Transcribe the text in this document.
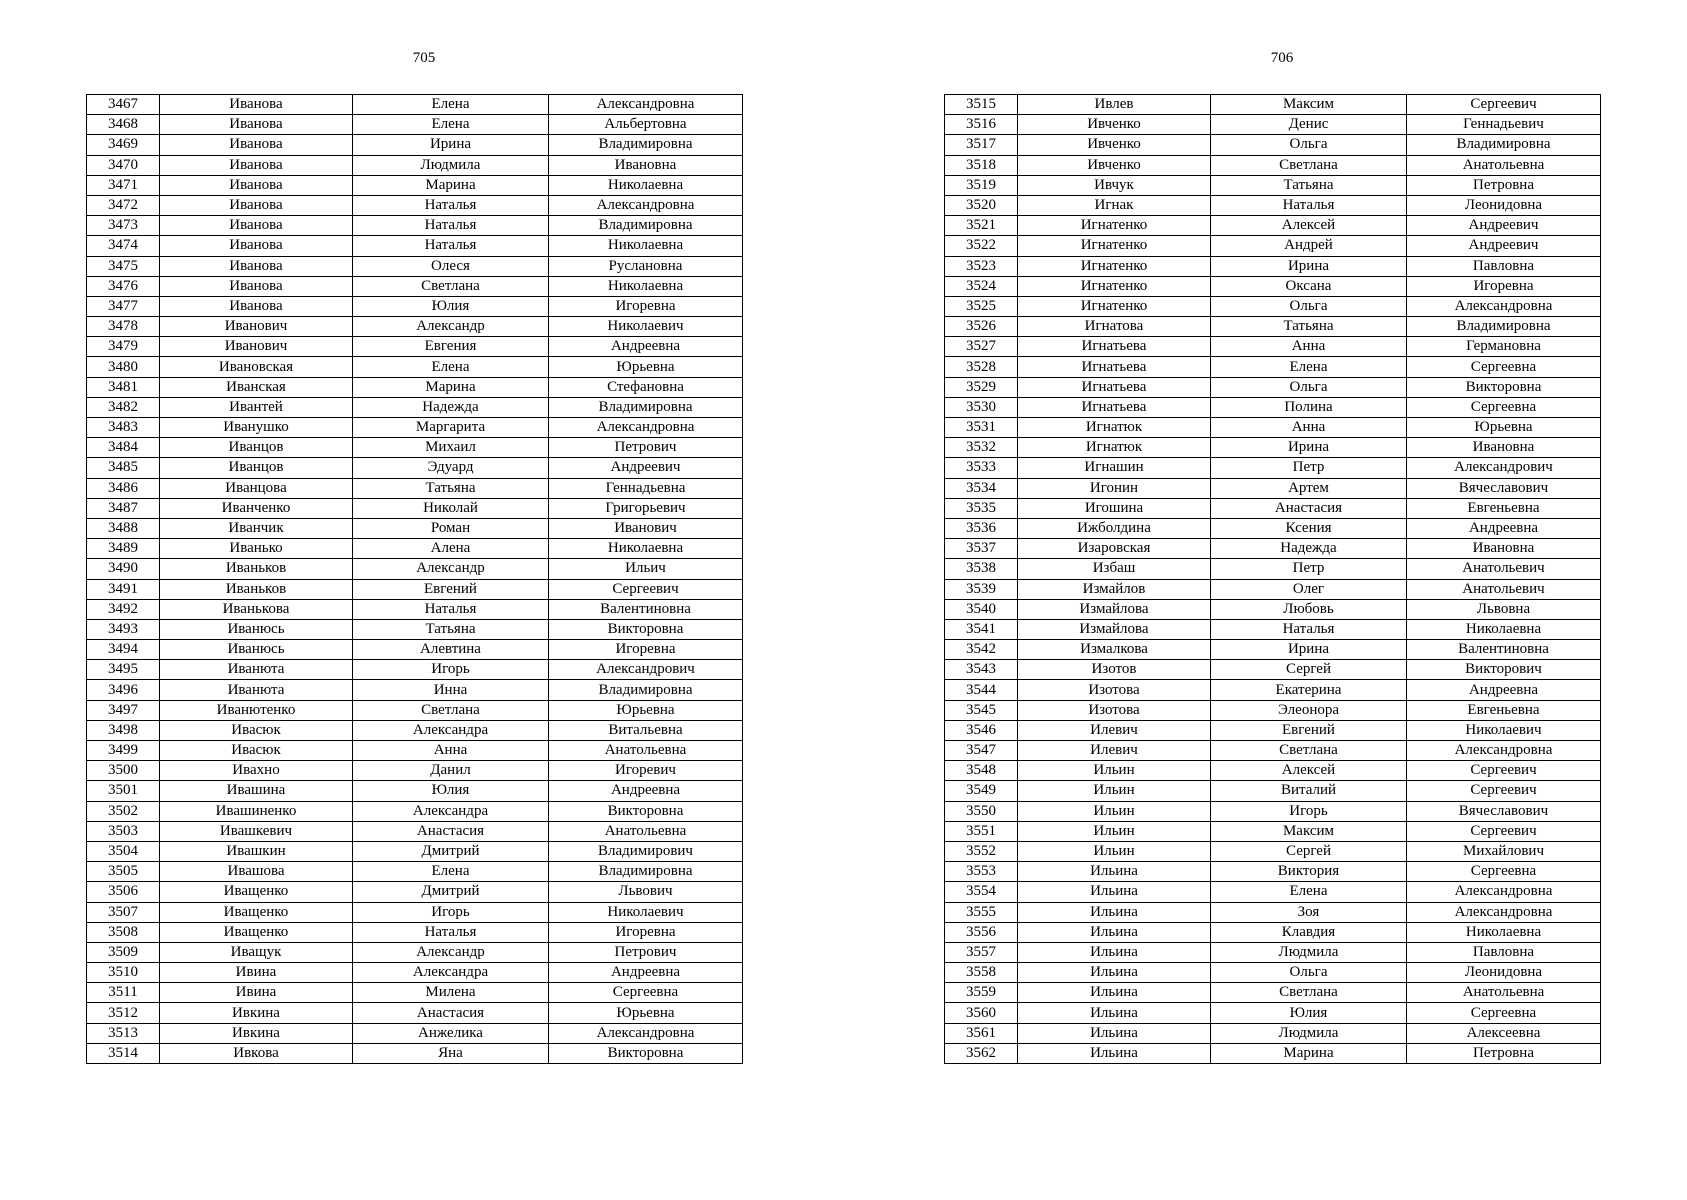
705	706
3467	Иванова	Елена	Александровна
3468	Иванова	Елена	Альбертовна
3469	Иванова	Ирина	Владимировна
3470	Иванова	Людмила	Ивановна
3471	Иванова	Марина	Николаевна
3472	Иванова	Наталья	Александровна
3473	Иванова	Наталья	Владимировна
3474	Иванова	Наталья	Николаевна
3475	Иванова	Олеся	Руслановна
3476	Иванова	Светлана	Николаевна
3477	Иванова	Юлия	Игоревна
3478	Иванович	Александр	Николаевич
3479	Иванович	Евгения	Андреевна
3480	Ивановская	Елена	Юрьевна
3481	Иванская	Марина	Стефановна
3482	Ивантей	Надежда	Владимировна
3483	Иванушко	Маргарита	Александровна
3484	Иванцов	Михаил	Петрович
3485	Иванцов	Эдуард	Андреевич
3486	Иванцова	Татьяна	Геннадьевна
3487	Иванченко	Николай	Григорьевич
3488	Иванчик	Роман	Иванович
3489	Иванько	Алена	Николаевна
3490	Иваньков	Александр	Ильич
3491	Иваньков	Евгений	Сергеевич
3492	Иванькова	Наталья	Валентиновна
3493	Иванюсь	Татьяна	Викторовна
3494	Иванюсь	Алевтина	Игоревна
3495	Иванюта	Игорь	Александрович
3496	Иванюта	Инна	Владимировна
3497	Иванютенко	Светлана	Юрьевна
3498	Ивасюк	Александра	Витальевна
3499	Ивасюк	Анна	Анатольевна
3500	Ивахно	Данил	Игоревич
3501	Ивашина	Юлия	Андреевна
3502	Ивашиненко	Александра	Викторовна
3503	Ивашкевич	Анастасия	Анатольевна
3504	Ивашкин	Дмитрий	Владимирович
3505	Ивашова	Елена	Владимировна
3506	Иващенко	Дмитрий	Львович
3507	Иващенко	Игорь	Николаевич
3508	Иващенко	Наталья	Игоревна
3509	Иващук	Александр	Петрович
3510	Ивина	Александра	Андреевна
3511	Ивина	Милена	Сергеевна
3512	Ивкина	Анастасия	Юрьевна
3513	Ивкина	Анжелика	Александровна
3514	Ивкова	Яна	Викторовна
3515	Ивлев	Максим	Сергеевич
3516	Ивченко	Денис	Геннадьевич
3517	Ивченко	Ольга	Владимировна
3518	Ивченко	Светлана	Анатольевна
3519	Ивчук	Татьяна	Петровна
3520	Игнак	Наталья	Леонидовна
3521	Игнатенко	Алексей	Андреевич
3522	Игнатенко	Андрей	Андреевич
3523	Игнатенко	Ирина	Павловна
3524	Игнатенко	Оксана	Игоревна
3525	Игнатенко	Ольга	Александровна
3526	Игнатова	Татьяна	Владимировна
3527	Игнатьева	Анна	Германовна
3528	Игнатьева	Елена	Сергеевна
3529	Игнатьева	Ольга	Викторовна
3530	Игнатьева	Полина	Сергеевна
3531	Игнатюк	Анна	Юрьевна
3532	Игнатюк	Ирина	Ивановна
3533	Игнашин	Петр	Александрович
3534	Игонин	Артем	Вячеславович
3535	Игошина	Анастасия	Евгеньевна
3536	Ижболдина	Ксения	Андреевна
3537	Изаровская	Надежда	Ивановна
3538	Избаш	Петр	Анатольевич
3539	Измайлов	Олег	Анатольевич
3540	Измайлова	Любовь	Львовна
3541	Измайлова	Наталья	Николаевна
3542	Измалкова	Ирина	Валентиновна
3543	Изотов	Сергей	Викторович
3544	Изотова	Екатерина	Андреевна
3545	Изотова	Элеонора	Евгеньевна
3546	Илевич	Евгений	Николаевич
3547	Илевич	Светлана	Александровна
3548	Ильин	Алексей	Сергеевич
3549	Ильин	Виталий	Сергеевич
3550	Ильин	Игорь	Вячеславович
3551	Ильин	Максим	Сергеевич
3552	Ильин	Сергей	Михайлович
3553	Ильина	Виктория	Сергеевна
3554	Ильина	Елена	Александровна
3555	Ильина	Зоя	Александровна
3556	Ильина	Клавдия	Николаевна
3557	Ильина	Людмила	Павловна
3558	Ильина	Ольга	Леонидовна
3559	Ильина	Светлана	Анатольевна
3560	Ильина	Юлия	Сергеевна
3561	Ильина	Людмила	Алексеевна
3562	Ильина	Марина	Петровна
